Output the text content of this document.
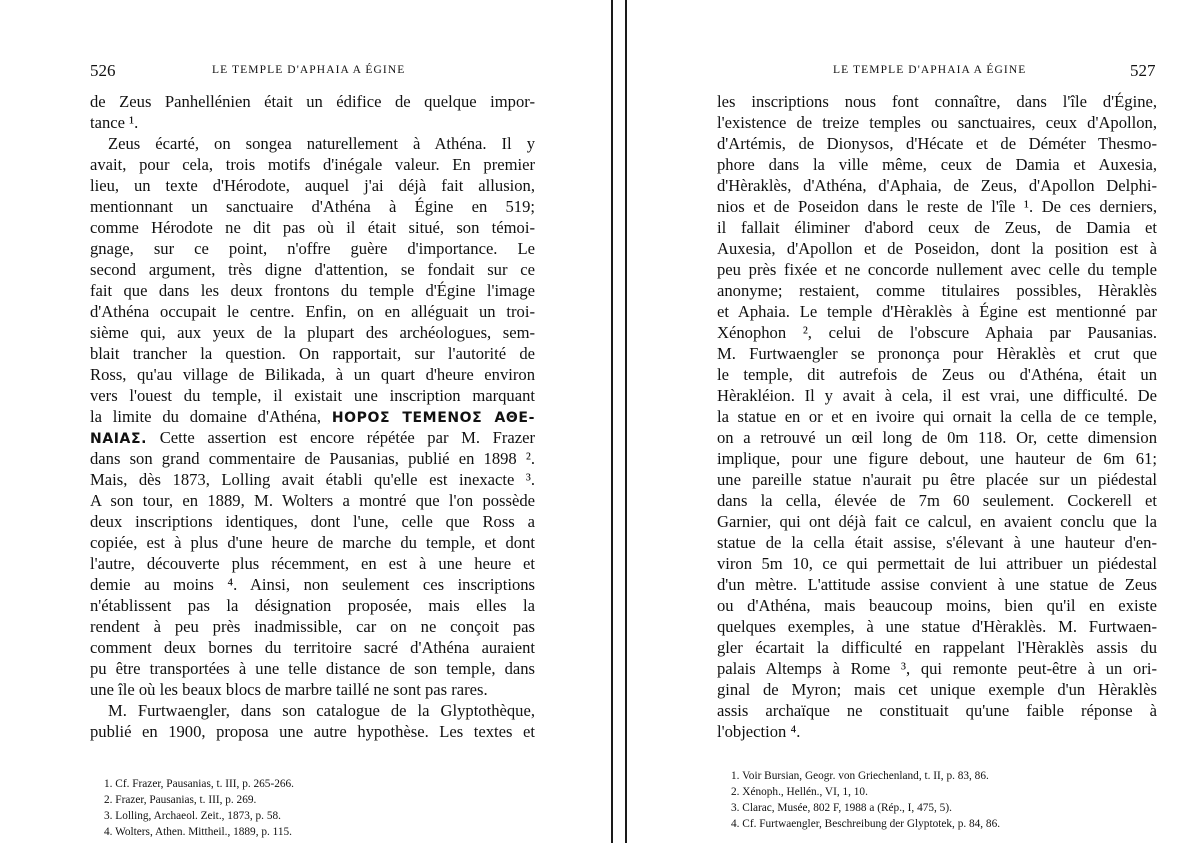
526	LE TEMPLE D'APHAIA A ÉGINE
de Zeus Panhellénien était un édifice de quelque impor-
tance ¹.
Zeus écarté, on songea naturellement à Athéna. Il y
avait, pour cela, trois motifs d'inégale valeur. En premier
lieu, un texte d'Hérodote, auquel j'ai déjà fait allusion,
mentionnant un sanctuaire d'Athéna à Égine en 519;
comme Hérodote ne dit pas où il était situé, son témoi-
gnage, sur ce point, n'offre guère d'importance. Le
second argument, très digne d'attention, se fondait sur ce
fait que dans les deux frontons du temple d'Égine l'image
d'Athéna occupait le centre. Enfin, on en alléguait un troi-
sième qui, aux yeux de la plupart des archéologues, sem-
blait trancher la question. On rapportait, sur l'autorité de
Ross, qu'au village de Bilikada, à un quart d'heure environ
vers l'ouest du temple, il existait une inscription marquant
la limite du domaine d'Athéna, ΗΟΡΟΣ ΤΕΜΕΝΟΣ ΑΘΕ-
ΝΑΙΑΣ. Cette assertion est encore répétée par M. Frazer
dans son grand commentaire de Pausanias, publié en 1898 ².
Mais, dès 1873, Lolling avait établi qu'elle est inexacte ³.
A son tour, en 1889, M. Wolters a montré que l'on possède
deux inscriptions identiques, dont l'une, celle que Ross a
copiée, est à plus d'une heure de marche du temple, et dont
l'autre, découverte plus récemment, en est à une heure et
demie au moins ⁴. Ainsi, non seulement ces inscriptions
n'établissent pas la désignation proposée, mais elles la
rendent à peu près inadmissible, car on ne conçoit pas
comment deux bornes du territoire sacré d'Athéna auraient
pu être transportées à une telle distance de son temple, dans
une île où les beaux blocs de marbre taillé ne sont pas rares.
M. Furtwaengler, dans son catalogue de la Glyptothèque,
publié en 1900, proposa une autre hypothèse. Les textes et
1. Cf. Frazer, Pausanias, t. III, p. 265-266.
2. Frazer, Pausanias, t. III, p. 269.
3. Lolling, Archaeol. Zeit., 1873, p. 58.
4. Wolters, Athen. Mittheil., 1889, p. 115.
LE TEMPLE D'APHAIA A ÉGINE	527
les inscriptions nous font connaître, dans l'île d'Égine,
l'existence de treize temples ou sanctuaires, ceux d'Apollon,
d'Artémis, de Dionysos, d'Hécate et de Déméter Thesmo-
phore dans la ville même, ceux de Damia et Auxesia,
d'Hèraklès, d'Athéna, d'Aphaia, de Zeus, d'Apollon Delphi-
nios et de Poseidon dans le reste de l'île ¹. De ces derniers,
il fallait éliminer d'abord ceux de Zeus, de Damia et
Auxesia, d'Apollon et de Poseidon, dont la position est à
peu près fixée et ne concorde nullement avec celle du temple
anonyme; restaient, comme titulaires possibles, Hèraklès
et Aphaia. Le temple d'Hèraklès à Égine est mentionné par
Xénophon ², celui de l'obscure Aphaia par Pausanias.
M. Furtwaengler se prononça pour Hèraklès et crut que
le temple, dit autrefois de Zeus ou d'Athéna, était un
Hèrakléion. Il y avait à cela, il est vrai, une difficulté. De
la statue en or et en ivoire qui ornait la cella de ce temple,
on a retrouvé un œil long de 0m 118. Or, cette dimension
implique, pour une figure debout, une hauteur de 6m 61;
une pareille statue n'aurait pu être placée sur un piédestal
dans la cella, élevée de 7m 60 seulement. Cockerell et
Garnier, qui ont déjà fait ce calcul, en avaient conclu que la
statue de la cella était assise, s'élevant à une hauteur d'en-
viron 5m 10, ce qui permettait de lui attribuer un piédestal
d'un mètre. L'attitude assise convient à une statue de Zeus
ou d'Athéna, mais beaucoup moins, bien qu'il en existe
quelques exemples, à une statue d'Hèraklès. M. Furtwaen-
gler écartait la difficulté en rappelant l'Hèraklès assis du
palais Altemps à Rome ³, qui remonte peut-être à un ori-
ginal de Myron; mais cet unique exemple d'un Hèraklès
assis archaïque ne constituait qu'une faible réponse à
l'objection ⁴.
1. Voir Bursian, Geogr. von Griechenland, t. II, p. 83, 86.
2. Xénoph., Hellén., VI, 1, 10.
3. Clarac, Musée, 802 F, 1988 a (Rép., I, 475, 5).
4. Cf. Furtwaengler, Beschreibung der Glyptotek, p. 84, 86.
